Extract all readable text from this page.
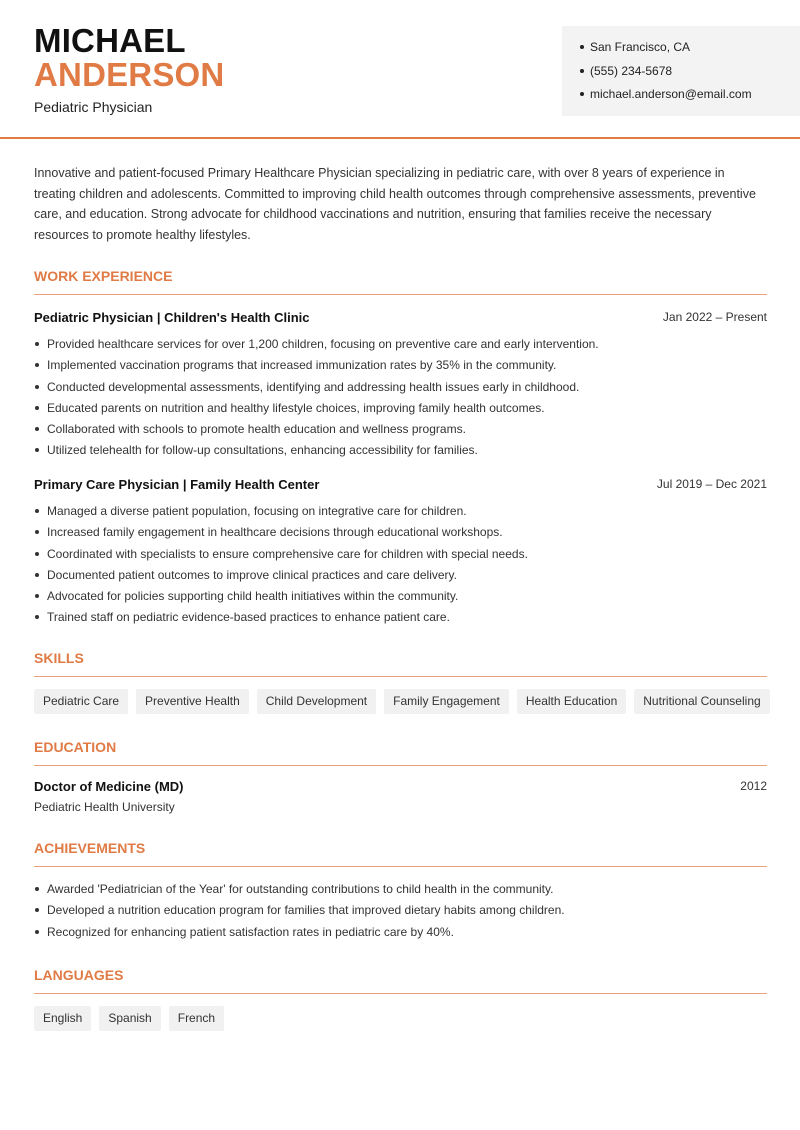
MICHAEL
ANDERSON
Pediatric Physician
San Francisco, CA
(555) 234-5678
michael.anderson@email.com

Innovative and patient-focused Primary Healthcare Physician specializing in pediatric care, with over 8 years of experience in treating children and adolescents. Committed to improving child health outcomes through comprehensive assessments, preventive care, and education. Strong advocate for childhood vaccinations and nutrition, ensuring that families receive the necessary resources to promote healthy lifestyles.

WORK EXPERIENCE
Pediatric Physician | Children's Health Clinic	Jan 2022 – Present
Provided healthcare services for over 1,200 children, focusing on preventive care and early intervention.
Implemented vaccination programs that increased immunization rates by 35% in the community.
Conducted developmental assessments, identifying and addressing health issues early in childhood.
Educated parents on nutrition and healthy lifestyle choices, improving family health outcomes.
Collaborated with schools to promote health education and wellness programs.
Utilized telehealth for follow-up consultations, enhancing accessibility for families.
Primary Care Physician | Family Health Center	Jul 2019 – Dec 2021
Managed a diverse patient population, focusing on integrative care for children.
Increased family engagement in healthcare decisions through educational workshops.
Coordinated with specialists to ensure comprehensive care for children with special needs.
Documented patient outcomes to improve clinical practices and care delivery.
Advocated for policies supporting child health initiatives within the community.
Trained staff on pediatric evidence-based practices to enhance patient care.
SKILLS
Pediatric Care	Preventive Health	Child Development	Family Engagement	Health Education	Nutritional Counseling
EDUCATION
Doctor of Medicine (MD)	2012
Pediatric Health University
ACHIEVEMENTS
Awarded 'Pediatrician of the Year' for outstanding contributions to child health in the community.
Developed a nutrition education program for families that improved dietary habits among children.
Recognized for enhancing patient satisfaction rates in pediatric care by 40%.
LANGUAGES
English	Spanish	French
